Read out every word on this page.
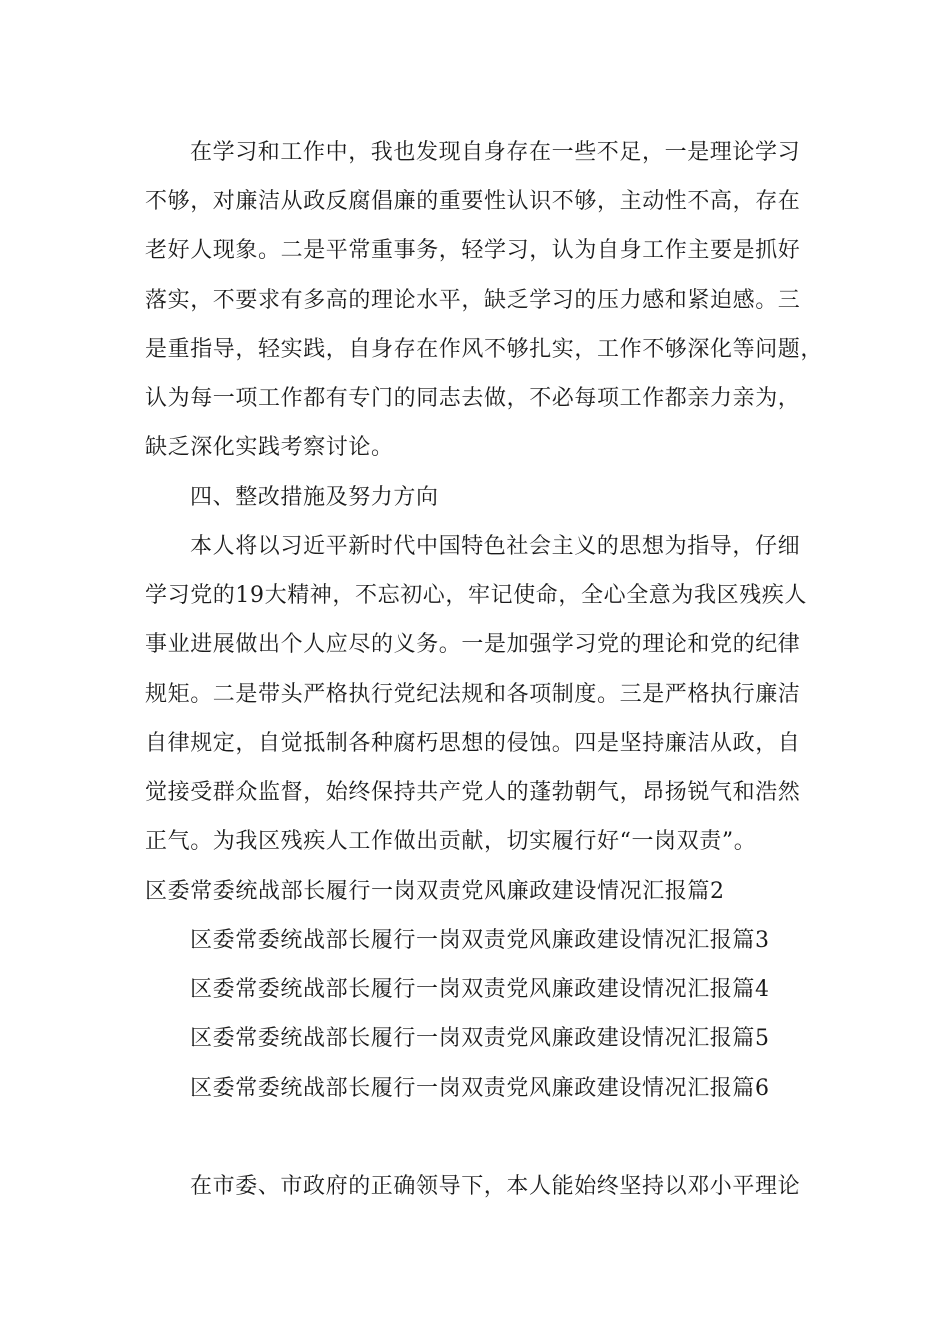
在学习和工作中，我也发现自身存在一些不足，一是理论学习
不够，对廉洁从政反腐倡廉的重要性认识不够，主动性不高，存在
老好人现象。二是平常重事务，轻学习，认为自身工作主要是抓好
落实，不要求有多高的理论水平，缺乏学习的压力感和紧迫感。三
是重指导，轻实践，自身存在作风不够扎实，工作不够深化等问题，
认为每一项工作都有专门的同志去做，不必每项工作都亲力亲为，
缺乏深化实践考察讨论。
四、整改措施及努力方向
本人将以习近平新时代中国特色社会主义的思想为指导，仔细
学习党的19大精神，不忘初心，牢记使命，全心全意为我区残疾人
事业进展做出个人应尽的义务。一是加强学习党的理论和党的纪律
规矩。二是带头严格执行党纪法规和各项制度。三是严格执行廉洁
自律规定，自觉抵制各种腐朽思想的侵蚀。四是坚持廉洁从政，自
觉接受群众监督，始终保持共产党人的蓬勃朝气，昂扬锐气和浩然
正气。为我区残疾人工作做出贡献，切实履行好“一岗双责”。
区委常委统战部长履行一岗双责党风廉政建设情况汇报篇2
区委常委统战部长履行一岗双责党风廉政建设情况汇报篇3
区委常委统战部长履行一岗双责党风廉政建设情况汇报篇4
区委常委统战部长履行一岗双责党风廉政建设情况汇报篇5
区委常委统战部长履行一岗双责党风廉政建设情况汇报篇6
在市委、市政府的正确领导下，本人能始终坚持以邓小平理论
